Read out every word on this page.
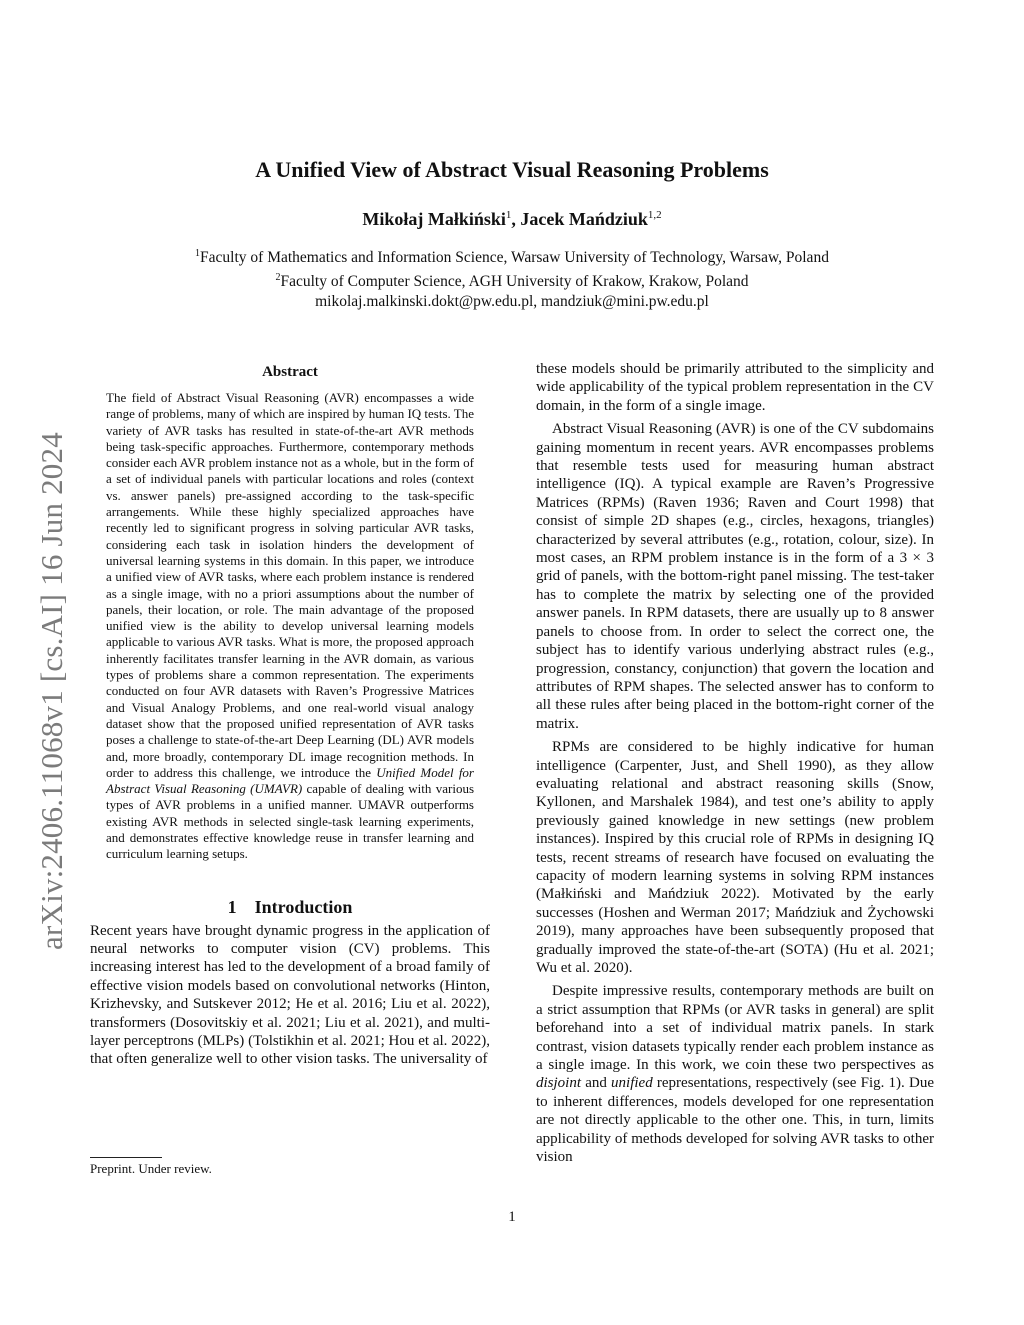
arXiv:2406.11068v1 [cs.AI] 16 Jun 2024
A Unified View of Abstract Visual Reasoning Problems
Mikołaj Małkiński$^1$, Jacek Mańdziuk$^{1,2}$
$^1$Faculty of Mathematics and Information Science, Warsaw University of Technology, Warsaw, Poland
$^2$Faculty of Computer Science, AGH University of Krakow, Krakow, Poland
mikolaj.malkinski.dokt@pw.edu.pl, mandziuk@mini.pw.edu.pl
Abstract
The field of Abstract Visual Reasoning (AVR) encompasses a wide range of problems, many of which are inspired by human IQ tests. The variety of AVR tasks has resulted in state-of-the-art AVR methods being task-specific approaches. Furthermore, contemporary methods consider each AVR problem instance not as a whole, but in the form of a set of individual panels with particular locations and roles (context vs. answer panels) pre-assigned according to the task-specific arrangements. While these highly specialized approaches have recently led to significant progress in solving particular AVR tasks, considering each task in isolation hinders the development of universal learning systems in this domain. In this paper, we introduce a unified view of AVR tasks, where each problem instance is rendered as a single image, with no a priori assumptions about the number of panels, their location, or role. The main advantage of the proposed unified view is the ability to develop universal learning models applicable to various AVR tasks. What is more, the proposed approach inherently facilitates transfer learning in the AVR domain, as various types of problems share a common representation. The experiments conducted on four AVR datasets with Raven’s Progressive Matrices and Visual Analogy Problems, and one real-world visual analogy dataset show that the proposed unified representation of AVR tasks poses a challenge to state-of-the-art Deep Learning (DL) AVR models and, more broadly, contemporary DL image recognition methods. In order to address this challenge, we introduce the Unified Model for Abstract Visual Reasoning (UMAVR) capable of dealing with various types of AVR problems in a unified manner. UMAVR outperforms existing AVR methods in selected single-task learning experiments, and demonstrates effective knowledge reuse in transfer learning and curriculum learning setups.
1    Introduction

Recent years have brought dynamic progress in the application of neural networks to computer vision (CV) problems. This increasing interest has led to the development of a broad family of effective vision models based on convolutional networks (Hinton, Krizhevsky, and Sutskever 2012; He et al. 2016; Liu et al. 2022), transformers (Dosovitskiy et al. 2021; Liu et al. 2021), and multi-layer perceptrons (MLPs) (Tolstikhin et al. 2021; Hou et al. 2022), that often generalize well to other vision tasks. The universality of

these models should be primarily attributed to the simplicity and wide applicability of the typical problem representation in the CV domain, in the form of a single image.

Abstract Visual Reasoning (AVR) is one of the CV subdomains gaining momentum in recent years. AVR encompasses problems that resemble tests used for measuring human abstract intelligence (IQ). A typical example are Raven’s Progressive Matrices (RPMs) (Raven 1936; Raven and Court 1998) that consist of simple 2D shapes (e.g., circles, hexagons, triangles) characterized by several attributes (e.g., rotation, colour, size). In most cases, an RPM problem instance is in the form of a 3 × 3 grid of panels, with the bottom-right panel missing. The test-taker has to complete the matrix by selecting one of the provided answer panels. In RPM datasets, there are usually up to 8 answer panels to choose from. In order to select the correct one, the subject has to identify various underlying abstract rules (e.g., progression, constancy, conjunction) that govern the location and attributes of RPM shapes. The selected answer has to conform to all these rules after being placed in the bottom-right corner of the matrix.

RPMs are considered to be highly indicative for human intelligence (Carpenter, Just, and Shell 1990), as they allow evaluating relational and abstract reasoning skills (Snow, Kyllonen, and Marshalek 1984), and test one’s ability to apply previously gained knowledge in new settings (new problem instances). Inspired by this crucial role of RPMs in designing IQ tests, recent streams of research have focused on evaluating the capacity of modern learning systems in solving RPM instances (Małkiński and Mańdziuk 2022). Motivated by the early successes (Hoshen and Werman 2017; Mańdziuk and Żychowski 2019), many approaches have been subsequently proposed that gradually improved the state-of-the-art (SOTA) (Hu et al. 2021; Wu et al. 2020).

Despite impressive results, contemporary methods are built on a strict assumption that RPMs (or AVR tasks in general) are split beforehand into a set of individual matrix panels. In stark contrast, vision datasets typically render each problem instance as a single image. In this work, we coin these two perspectives as disjoint and unified representations, respectively (see Fig. 1). Due to inherent differences, models developed for one representation are not directly applicable to the other one. This, in turn, limits applicability of methods developed for solving AVR tasks to other vision

Preprint. Under review.
1
